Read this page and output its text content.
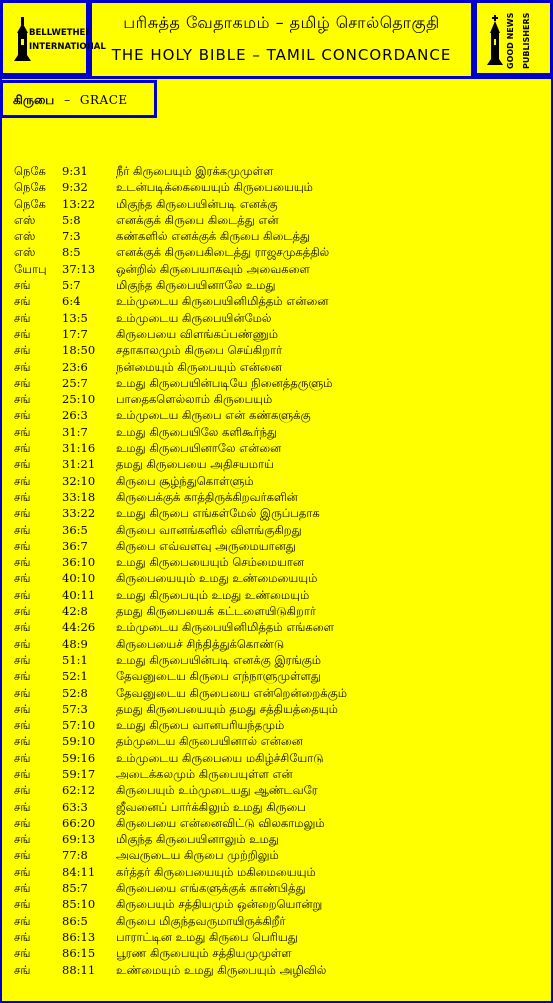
BELLWETHER
INTERNATIONAL
பரிசுத்த வேதாகமம் – தமிழ் சொல்தொகுதி
THE HOLY BIBLE – TAMIL CONCORDANCE	GOOD NEWS PUBLISHERS
கிருபை – GRACE
நெகே 9:31 நீர் கிருபையும் இரக்கமுமுள்ள
நெகே 9:32 உடன்படிக்கையையும் கிருபையையும்
நெகே 13:22 மிகுந்த கிருபையின்படி எனக்கு
எஸ் 5:8	எனக்குக் கிருபை கிடைத்து என்
எஸ் 7:3	கண்களில் எனக்குக் கிருபை கிடைத்து
எஸ் 8:5	எனக்குக் கிருபைகிடைத்து ராஜசமுகத்தில்
யோபு 37:13 ஒன்றில் கிருபையாகவும் அவைகளை
சங்	5:7	மிகுந்த கிருபையினாலே உமது
சங்	6:4	உம்முடைய கிருபையினிமித்தம் என்னை
சங்	13:5 உம்முடைய கிருபையின்மேல்
சங்	17:7 கிருபையை விளங்கப்பண்ணும்
சங்	18:50 சதாகாலமும் கிருபை செய்கிறார்
சங்	23:6 நன்மையும் கிருபையும் என்னை
சங்	25:7 உமது கிருபையின்படியே நினைத்தருளும்
சங்	25:10 பாதைகளெல்லாம் கிருபையும்
சங்	26:3 உம்முடைய கிருபை என் கண்களுக்கு
சங்	31:7 உமது கிருபையிலே களிகூர்ந்து
சங்	31:16 உமது கிருபையினாலே என்னை
சங்	31:21 தமது கிருபையை அதிசயமாய்
சங்	32:10 கிருபை சூழ்ந்துகொள்ளும்
சங்	33:18 கிருபைக்குக் காத்திருக்கிறவர்களின்
சங்	33:22 உமது கிருபை எங்கள்மேல் இருப்பதாக
சங்	36:5 கிருபை வானங்களில் விளங்குகிறது
சங்	36:7 கிருபை எவ்வளவு அருமையானது
சங்	36:10 உமது கிருபையையும் செம்மையான
சங்	40:10 கிருபையையும் உமது உண்மையையும்
சங்	40:11 உமது கிருபையும் உமது உண்மையும்
சங்	42:8 தமது கிருபையைக் கட்டளையிடுகிறார்
சங்	44:26 உம்முடைய கிருபையினிமித்தம் எங்களை
சங்	48:9 கிருபையைச் சிந்தித்துக்கொண்டு
சங்	51:1 உமது கிருபையின்படி எனக்கு இரங்கும்
சங்	52:1 தேவனுடைய கிருபை எந்நாளுமுள்ளது
சங்	52:8 தேவனுடைய கிருபையை என்றென்றைக்கும்
சங்	57:3 தமது கிருபையையும் தமது சத்தியத்தையும்
சங்	57:10 உமது கிருபை வானபரியந்தமும்
சங்	59:10 தம்முடைய கிருபையினால் என்னை
சங்	59:16 உம்முடைய கிருபையை மகிழ்ச்சியோடு
சங்	59:17 அடைக்கலமும் கிருபையுள்ள என்
சங்	62:12 கிருபையும் உம்முடையது ஆண்டவரே
சங்	63:3 ஜீவனைப் பார்க்கிலும் உமது கிருபை
சங்	66:20 கிருபையை என்னைவிட்டு விலகாமலும்
சங்	69:13 மிகுந்த கிருபையினாலும் உமது
சங்	77:8 அவருடைய கிருபை முற்றிலும்
சங்	84:11 கர்த்தர் கிருபையையும் மகிமையையும்
சங்	85:7 கிருபையை எங்களுக்குக் காண்பித்து
சங்	85:10 கிருபையும் சத்தியமும் ஒன்றையொன்று
சங்	86:5 கிருபை மிகுந்தவருமாயிருக்கிறீர்
சங்	86:13 பாராட்டின உமது கிருபை பெரியது
சங்	86:15 பூரண கிருபையும் சத்தியமுமுள்ள
சங்	88:11 உண்மையும் உமது கிருபையும் அழிவில்
